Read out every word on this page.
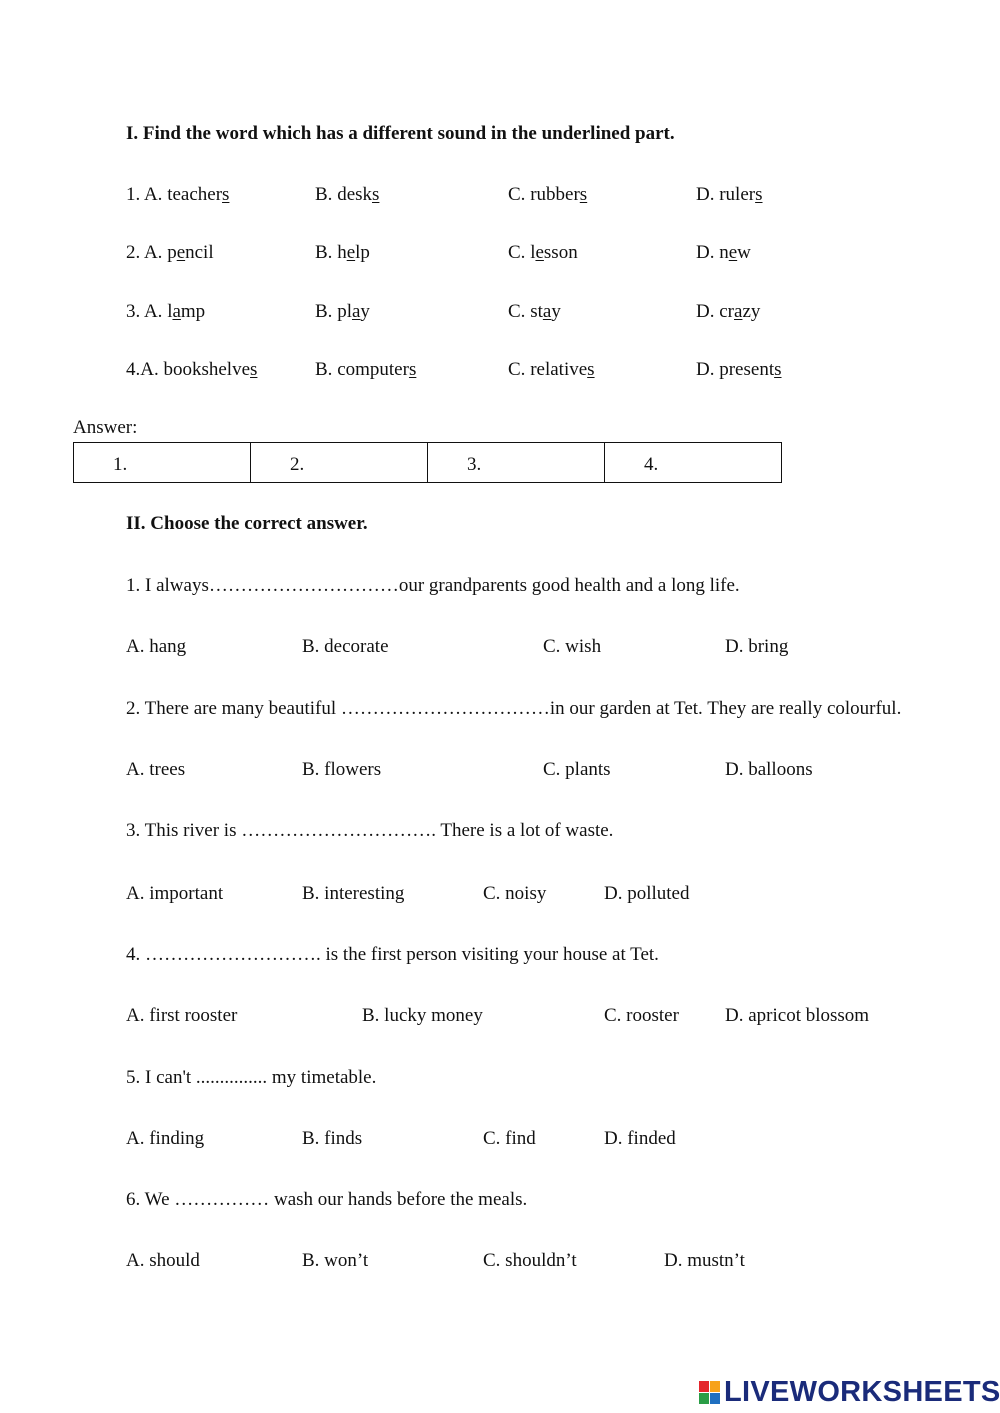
I. Find the word which has a different sound in the underlined part.
1. A. teachers	B. desks	C. rubbers	D. rulers
2. A. pencil	B. help	C. lesson	D. new
3. A. lamp	B. play	C. stay	D. crazy
4.A. bookshelves	B. computers	C. relatives	D. presents
Answer:
1.	2.	3.	4.
II. Choose the correct answer.
1. I always…………………………our grandparents good health and a long life.
A. hang	B. decorate	C. wish	D. bring
2. There are many beautiful ……………………………in our garden at Tet. They are really colourful.
A. trees	B. flowers	C. plants	D. balloons
3. This river is …………………………. There is a lot of waste.
A. important	B. interesting	C. noisy	D. polluted
4. ………………………. is the first person visiting your house at Tet.
A. first rooster	B. lucky money	C. rooster D. apricot blossom
5. I can't ............... my timetable.
A. finding	B. finds	C. find	D. finded
6. We …………… wash our hands before the meals.
A. should	B. won’t	C. shouldn’t	D. mustn’t
LIVEWORKSHEETS
